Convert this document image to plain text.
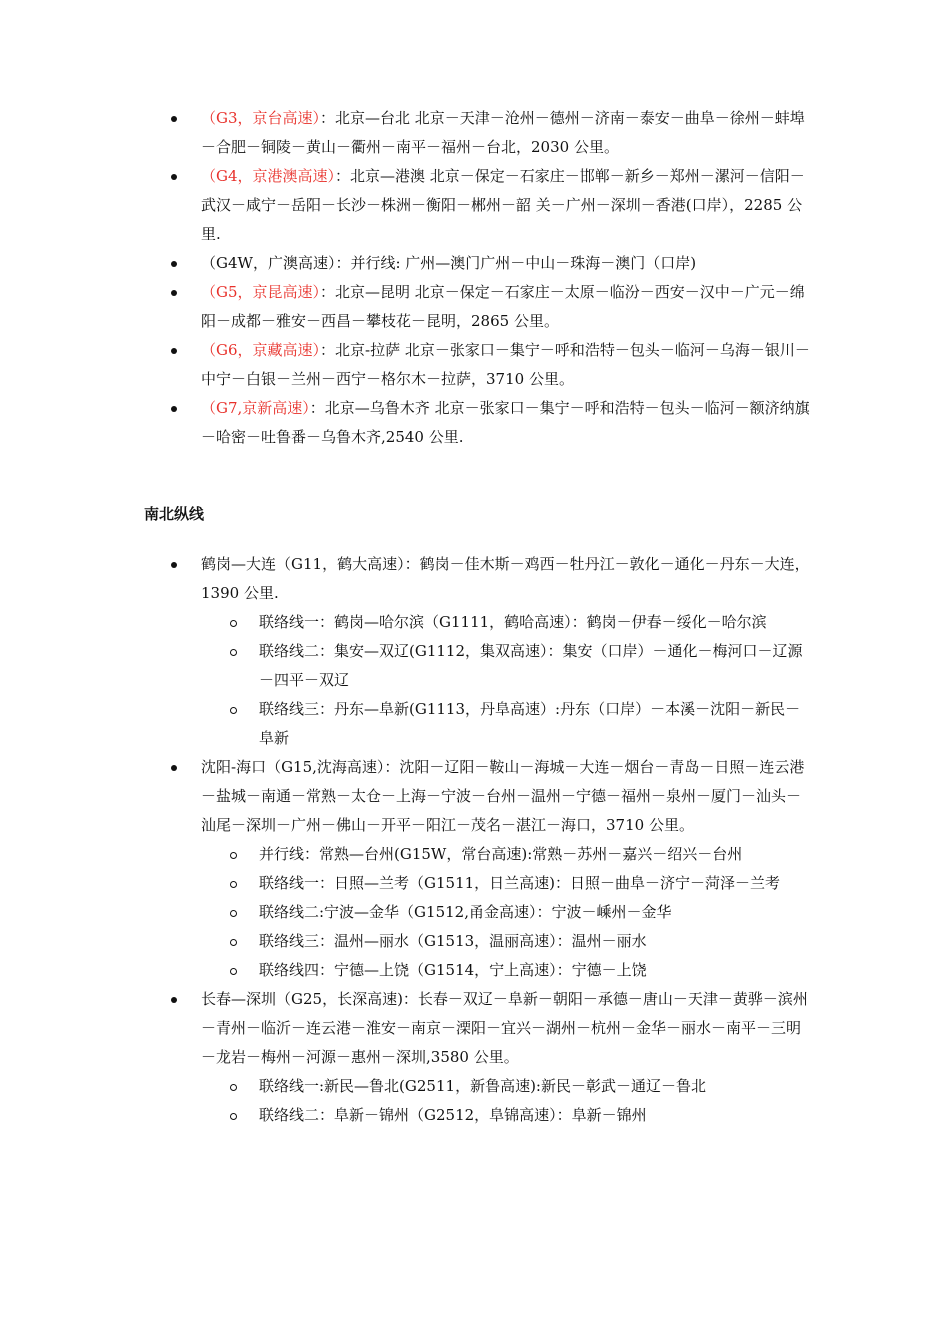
（G3，京台高速）：北京—台北 北京－天津－沧州－德州－济南－泰安－曲阜－徐州－蚌埠－合肥－铜陵－黄山－衢州－南平－福州－台北，2030 公里。
（G4，京港澳高速）：北京—港澳 北京－保定－石家庄－邯郸－新乡－郑州－漯河－信阳－武汉－咸宁－岳阳－长沙－株洲－衡阳－郴州－韶 关－广州－深圳－香港(口岸），2285 公里.
（G4W，广澳高速）：并行线: 广州—澳门广州－中山－珠海－澳门（口岸)
（G5，京昆高速）：北京—昆明 北京－保定－石家庄－太原－临汾－西安－汉中－广元－绵阳－成都－雅安－西昌－攀枝花－昆明，2865 公里。
（G6，京藏高速）：北京-拉萨 北京－张家口－集宁－呼和浩特－包头－临河－乌海－银川－中宁－白银－兰州－西宁－格尔木－拉萨，3710 公里。
（G7,京新高速）：北京—乌鲁木齐 北京－张家口－集宁－呼和浩特－包头－临河－额济纳旗－哈密－吐鲁番－乌鲁木齐,2540 公里.
南北纵线
鹤岗—大连（G11，鹤大高速）：鹤岗－佳木斯－鸡西－牡丹江－敦化－通化－丹东－大连，1390 公里.
联络线一：鹤岗—哈尔滨（G1111，鹤哈高速）：鹤岗－伊春－绥化－哈尔滨
联络线二：集安—双辽(G1112，集双高速）：集安（口岸）－通化－梅河口－辽源－四平－双辽
联络线三：丹东—阜新(G1113，丹阜高速）:丹东（口岸）－本溪－沈阳－新民－阜新
沈阳-海口（G15,沈海高速）：沈阳－辽阳－鞍山－海城－大连－烟台－青岛－日照－连云港－盐城－南通－常熟－太仓－上海－宁波－台州－温州－宁德－福州－泉州－厦门－汕头－汕尾－深圳－广州－佛山－开平－阳江－茂名－湛江－海口，3710 公里。
并行线：常熟—台州(G15W，常台高速):常熟－苏州－嘉兴－绍兴－台州
联络线一：日照—兰考（G1511，日兰高速)：日照－曲阜－济宁－菏泽－兰考
联络线二:宁波—金华（G1512,甬金高速）：宁波－嵊州－金华
联络线三：温州—丽水（G1513，温丽高速）：温州－丽水
联络线四：宁德—上饶（G1514，宁上高速）：宁德－上饶
长春—深圳（G25，长深高速)：长春－双辽－阜新－朝阳－承德－唐山－天津－黄骅－滨州－青州－临沂－连云港－淮安－南京－溧阳－宜兴－湖州－杭州－金华－丽水－南平－三明－龙岩－梅州－河源－惠州－深圳,3580 公里。
联络线一:新民—鲁北(G2511，新鲁高速):新民－彰武－通辽－鲁北
联络线二：阜新－锦州（G2512，阜锦高速）：阜新－锦州
